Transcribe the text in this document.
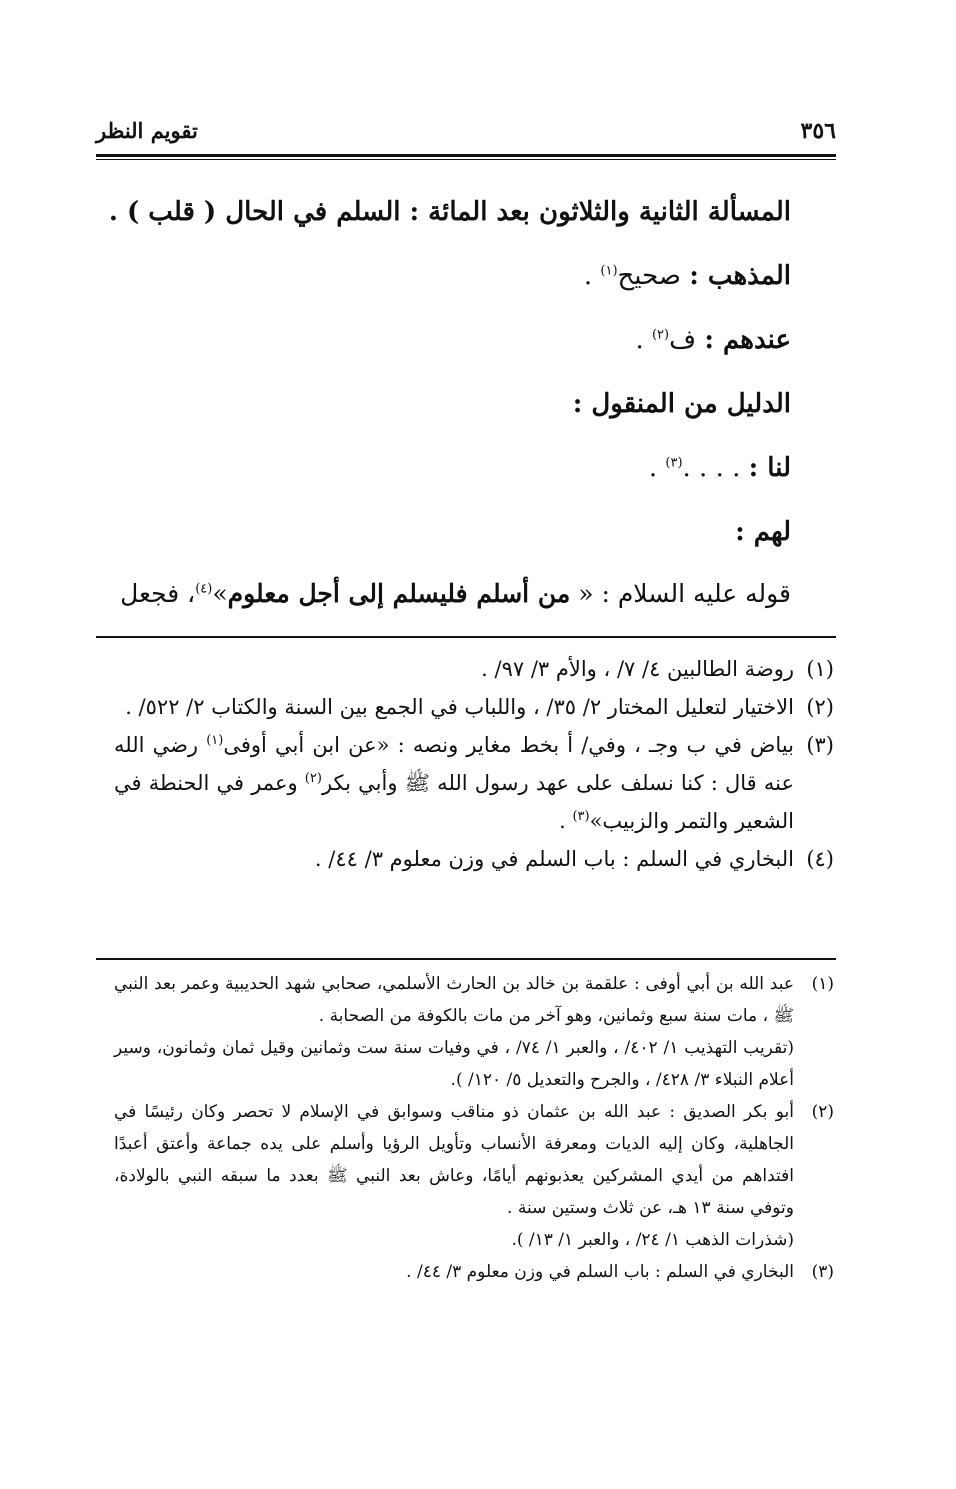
٣٥٦
تقويم النظر

المسألة الثانية والثلاثون بعد المائة : السلم في الحال ( قلب ) .

المذهب : صحيح$^{(١)}$ .

عندهم : ف$^{(٢)}$ .

الدليل من المنقول :

لنا : . . . .$^{(٣)}$ .

لهم :

قوله عليه السلام : « من أسلم فليسلم إلى أجل معلوم»$^{(٤)}$، فجعل
(١)
روضة الطالبين ٤/ ٧/ ، والأم ٣/ ٩٧/ .
(٢)
الاختيار لتعليل المختار ٢/ ٣٥/ ، واللباب في الجمع بين السنة والكتاب ٢/ ٥٢٢/ .
(٣)
بياض في ب وجـ ، وفي/ أ بخط مغاير ونصه : «عن ابن أبي أوفى$^{(١)}$ رضي الله عنه قال : كنا نسلف على عهد رسول الله ﷺ وأبي بكر$^{(٢)}$ وعمر في الحنطة في الشعير والتمر والزبيب»$^{(٣)}$ .
(٤)
البخاري في السلم : باب السلم في وزن معلوم ٣/ ٤٤/ .
(١)
عبد الله بن أبي أوفى : علقمة بن خالد بن الحارث الأسلمي، صحابي شهد الحديبية وعمر بعد النبي ﷺ ، مات سنة سبع وثمانين، وهو آخر من مات بالكوفة من الصحابة .
(تقريب التهذيب ١/ ٤٠٢/ ، والعبر ١/ ٧٤/ ، في وفيات سنة ست وثمانين وقيل ثمان وثمانون، وسير أعلام النبلاء ٣/ ٤٢٨/ ، والجرح والتعديل ٥/ ١٢٠/ ).
(٢)
أبو بكر الصديق : عبد الله بن عثمان ذو مناقب وسوابق في الإسلام لا تحصر وكان رئيسًا في الجاهلية، وكان إليه الديات ومعرفة الأنساب وتأويل الرؤيا وأسلم على يده جماعة وأعتق أعبدًا افتداهم من أيدي المشركين يعذبونهم أيامًا، وعاش بعد النبي ﷺ بعدد ما سبقه النبي بالولادة، وتوفي سنة ١٣ هـ، عن ثلاث وستين سنة .
(شذرات الذهب ١/ ٢٤/ ، والعبر ١/ ١٣/ ).
(٣)
البخاري في السلم : باب السلم في وزن معلوم ٣/ ٤٤/ .
